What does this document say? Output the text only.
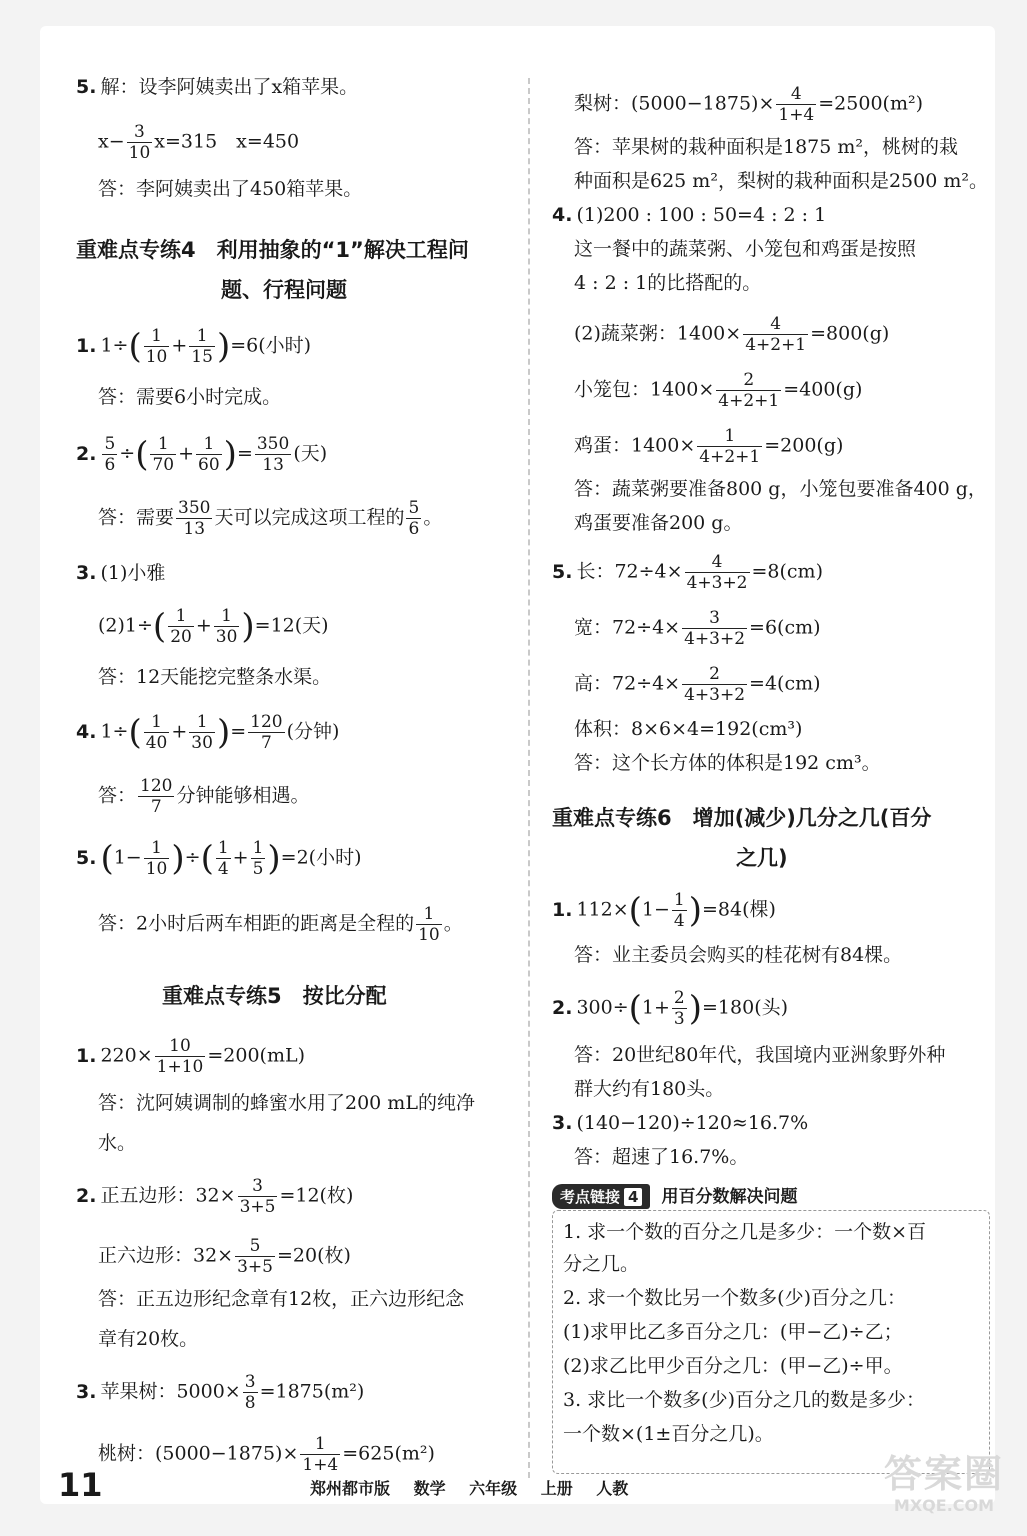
5. 解：设李阿姨卖出了x箱苹果。
$x- \frac{3}{10} x=315$　x=450
答：李阿姨卖出了450箱苹果。
重难点专练4　利用抽象的“1”解决工程问
题、行程问题
1. $1\div( \frac{1}{10} + \frac{1}{15} )=6$(小时)
答：需要6小时完成。
2. $\frac{5}{6}$ ÷( $\frac{1}{70} + \frac{1}{60}$ )= $\frac{350}{13}$ (天)
答：需要 $\frac{350}{13}$ 天可以完成这项工程的 $\frac{5}{6}$ 。
3. (1)小雅
$(2)1\div( \frac{1}{20} + \frac{1}{30} )=12$(天)
答：12天能挖完整条水渠。
4. $1\div( \frac{1}{40} + \frac{1}{30}$ )= $\frac{120}{7}$ (分钟)
答： $\frac{120}{7}$ 分钟能够相遇。
5. ($1- \frac{1}{10}$ )÷( $\frac{1}{4} + \frac{1}{5} )=2$(小时)
答：2小时后两车相距的距离是全程的 $\frac{1}{10}$ 。
重难点专练5　按比分配
1. $220\times \frac{10}{1+10} =200(mL)$
答：沈阿姨调制的蜂蜜水用了200 mL的纯净
水。
2. 正五边形：$32\times \frac{3}{3+5} =12$(枚)
正六边形：$32\times \frac{5}{3+5} =20$(枚)
答：正五边形纪念章有12枚，正六边形纪念
章有20枚。
3. 苹果树：$5000\times \frac{3}{8} =1875(m^2)$
桃树：$(5000-1875)\times \frac{1}{1+4} =625(m^2)$
梨树：$(5000-1875)\times \frac{4}{1+4} =2500(m^2)$
答：苹果树的栽种面积是1875 m²，桃树的栽
种面积是625 m²，梨树的栽种面积是2500 m²。
4. (1)200 : 100 : 50=4 : 2 : 1
这一餐中的蔬菜粥、小笼包和鸡蛋是按照
4 : 2 : 1的比搭配的。
(2)蔬菜粥：$1400\times \frac{4}{4+2+1} =800(g)$
小笼包：$1400\times \frac{2}{4+2+1} =400(g)$
鸡蛋：$1400\times \frac{1}{4+2+1} =200(g)$
答：蔬菜粥要准备800 g，小笼包要准备400 g，
鸡蛋要准备200 g。
5. 长：$72\div 4\times \frac{4}{4+3+2} =8(cm)$
宽：$72\div 4\times \frac{3}{4+3+2} =6(cm)$
高：$72\div 4\times \frac{2}{4+3+2} =4(cm)$
体积：8×6×4=192(cm³)
答：这个长方体的体积是192 cm³。
重难点专练6　增加(减少)几分之几(百分
之几)
1. $112\times(1- \frac{1}{4} )=84$(棵)
答：业主委员会购买的桂花树有84棵。
2. $300\div(1+ \frac{2}{3} )=180$(头)
答：20世纪80年代，我国境内亚洲象野外种
群大约有180头。
3. (140−120)÷120≈16.7%
答：超速了16.7%。
考点链接 4 用百分数解决问题
1. 求一个数的百分之几是多少：一个数×百
分之几。
2. 求一个数比另一个数多(少)百分之几：
(1)求甲比乙多百分之几：(甲−乙)÷乙；
(2)求乙比甲少百分之几：(甲−乙)÷甲。
3. 求比一个数多(少)百分之几的数是多少：
一个数×(1±百分之几)。
11	郑州都市版 数学 六年级 上册 人教	答案圈
MXQE.COM
